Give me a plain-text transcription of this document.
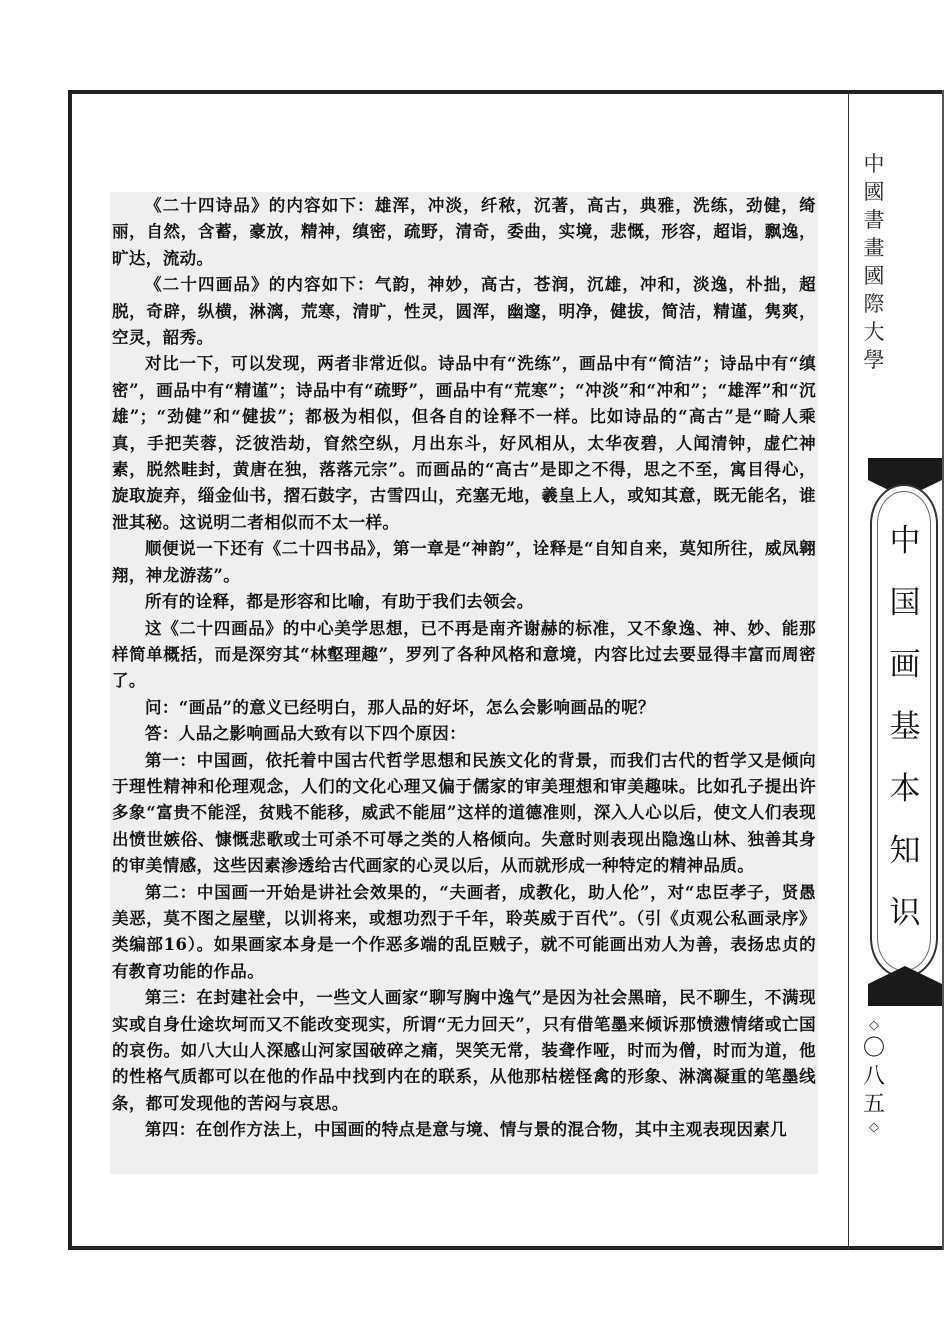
《二十四诗品》的内容如下：雄浑，冲淡，纤秾，沉著，高古，典雅，洗练，劲健，绮丽，自然，含蓄，豪放，精神，缜密，疏野，清奇，委曲，实境，悲慨，形容，超诣，飘逸，旷达，流动。

《二十四画品》的内容如下：气韵，神妙，高古，苍润，沉雄，冲和，淡逸，朴拙，超脱，奇辟，纵横，淋漓，荒寒，清旷，性灵，圆浑，幽邃，明净，健拔，简洁，精谨，隽爽，空灵，韶秀。

对比一下，可以发现，两者非常近似。诗品中有“洗练”，画品中有“简洁”；诗品中有“缜密”，画品中有“精谨”；诗品中有“疏野”，画品中有“荒寒”；“冲淡”和“冲和”；“雄浑”和“沉雄”；“劲健”和“健拔”；都极为相似，但各自的诠释不一样。比如诗品的“高古”是“畸人乘真，手把芙蓉，泛彼浩劫，窅然空纵，月出东斗，好风相从，太华夜碧，人闻清钟，虚伫神素，脱然畦封，黄唐在独，落落元宗”。而画品的“高古”是即之不得，思之不至，寓目得心，旋取旋弃，缁金仙书，摺石鼓字，古雪四山，充塞无地，羲皇上人，或知其意，既无能名，谁泄其秘。这说明二者相似而不太一样。

顺便说一下还有《二十四书品》，第一章是“神韵”，诠释是“自知自来，莫知所往，威凤翱翔，神龙游荡”。

所有的诠释，都是形容和比喻，有助于我们去领会。

这《二十四画品》的中心美学思想，已不再是南齐谢赫的标准，又不象逸、神、妙、能那样简单概括，而是深穷其“林壑理趣”，罗列了各种风格和意境，内容比过去要显得丰富而周密了。

问：“画品”的意义已经明白，那人品的好坏，怎么会影响画品的呢？

答：人品之影响画品大致有以下四个原因：

第一：中国画，依托着中国古代哲学思想和民族文化的背景，而我们古代的哲学又是倾向于理性精神和伦理观念，人们的文化心理又偏于儒家的审美理想和审美趣味。比如孔子提出许多象“富贵不能淫，贫贱不能移，威武不能屈”这样的道德准则，深入人心以后，使文人们表现出愤世嫉俗、慷慨悲歌或士可杀不可辱之类的人格倾向。失意时则表现出隐逸山林、独善其身的审美情感，这些因素渗透给古代画家的心灵以后，从而就形成一种特定的精神品质。

第二：中国画一开始是讲社会效果的，“夫画者，成教化，助人伦”，对“忠臣孝子，贤愚美恶，莫不图之屋壁，以训将来，或想功烈于千年，聆英威于百代”。（引《贞观公私画录序》类编部16）。如果画家本身是一个作恶多端的乱臣贼子，就不可能画出劝人为善，表扬忠贞的有教育功能的作品。

第三：在封建社会中，一些文人画家“聊写胸中逸气”是因为社会黑暗，民不聊生，不满现实或自身仕途坎坷而又不能改变现实，所谓“无力回天”，只有借笔墨来倾诉那愤懑情绪或亡国的哀伤。如八大山人深感山河家国破碎之痛，哭笑无常，装聋作哑，时而为僧，时而为道，他的性格气质都可以在他的作品中找到内在的联系，从他那枯槎怪禽的形象、淋漓凝重的笔墨线条，都可发现他的苦闷与哀思。

第四：在创作方法上，中国画的特点是意与境、情与景的混合物，其中主观表现因素几

中
國
書
畫
國
際
大
學
中
国
画
基
本
知
识
◇
〇
八
五
◇
